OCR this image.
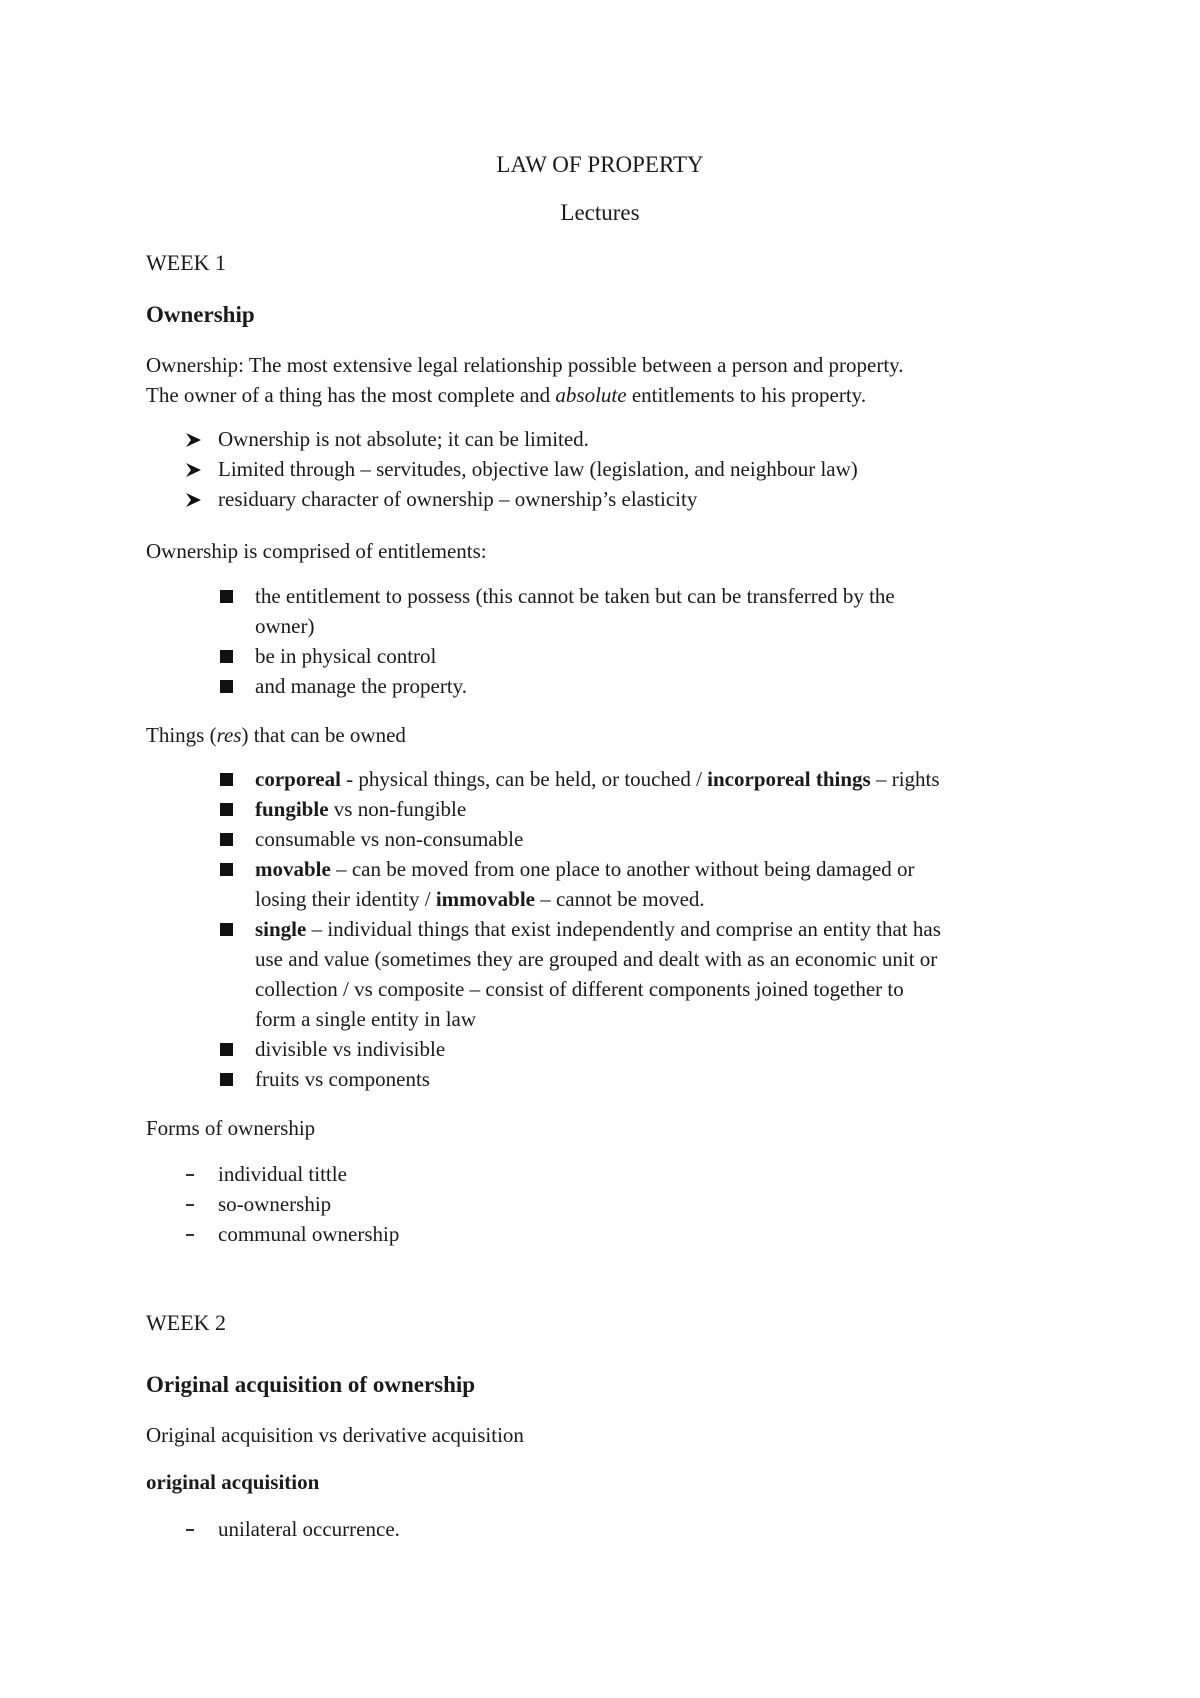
LAW OF PROPERTY
Lectures
WEEK 1
Ownership
Ownership: The most extensive legal relationship possible between a person and property.
The owner of a thing has the most complete and absolute entitlements to his property.
Ownership is not absolute; it can be limited.
Limited through – servitudes, objective law (legislation, and neighbour law)
residuary character of ownership – ownership’s elasticity
Ownership is comprised of entitlements:
the entitlement to possess (this cannot be taken but can be transferred by the
owner)
be in physical control
and manage the property.
Things (res) that can be owned
corporeal - physical things, can be held, or touched / incorporeal things – rights
fungible vs non-fungible
consumable vs non-consumable
movable – can be moved from one place to another without being damaged or
losing their identity / immovable – cannot be moved.
single – individual things that exist independently and comprise an entity that has
use and value (sometimes they are grouped and dealt with as an economic unit or
collection / vs composite – consist of different components joined together to
form a single entity in law
divisible vs indivisible
fruits vs components
Forms of ownership
individual tittle
so-ownership
communal ownership
WEEK 2
Original acquisition of ownership
Original acquisition vs derivative acquisition
original acquisition
unilateral occurrence.
